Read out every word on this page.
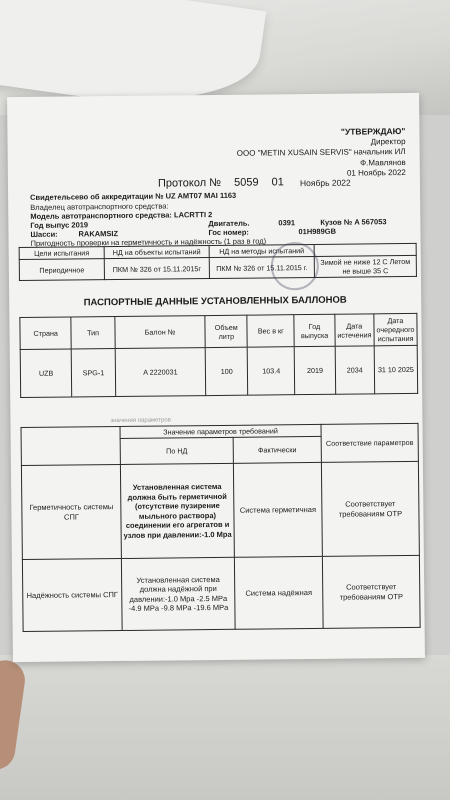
"УТВЕРЖДАЮ"
Директор
ООО "METIN XUSAIN SERVIS" начальник ИЛ
Ф.Мавлянов
01 Ноябрь 2022
Протокол № 5059 01	Ноябрь 2022
Свидетельсево об аккредитации № UZ AMT07 MAI 1163
Владелец автотранспортного средства:
Модель автотранспортного средства: LACRTTI 2
Год выпус 2019	Двигатель.	0391	Кузов № A 567053
Шасси:	RAKAMSIZ	Гос номер:	01H989GB
Пригодность проверки на герметичность и надёжность (1 раз в год)
Цели испытания	НД на объекты испытаний	НД на методы испытаний	
Периодичное	ПКМ № 326 от 15.11.2015г	ПКМ № 326 от 15.11.2015 г.	Зимой не ниже 12 С Летом не выше 35 С
ПАСПОРТНЫЕ ДАННЫЕ УСТАНОВЛЕННЫХ БАЛЛОНОВ
Страна	Тип	Балон №	Объем литр	Вес в кг	Год выпуска	Дата истечения	Дата очередного испытания
UZB	SPG-1	A 2220031	100	103.4	2019	2034	31 10 2025
значения параметров
	Значение параметров требований		Соответствие параметров
	По НД	Фактически	
Герметичность системы СПГ	Установленная система должна быть герметичной (отсутствие пузирение мыльного раствора) соединении его агрегатов и узлов при давлении:-1.0 Mpa	Система герметичная	Соответствует требованиям ОТР
Надёжность системы СПГ	Установленная система должна надёжной при давлении:-1.0 Mpa -2.5 MPa -4.9 MPa -9.8 MPa -19.6 MPa	Система надёжная	Соответствует требованиям ОТР
